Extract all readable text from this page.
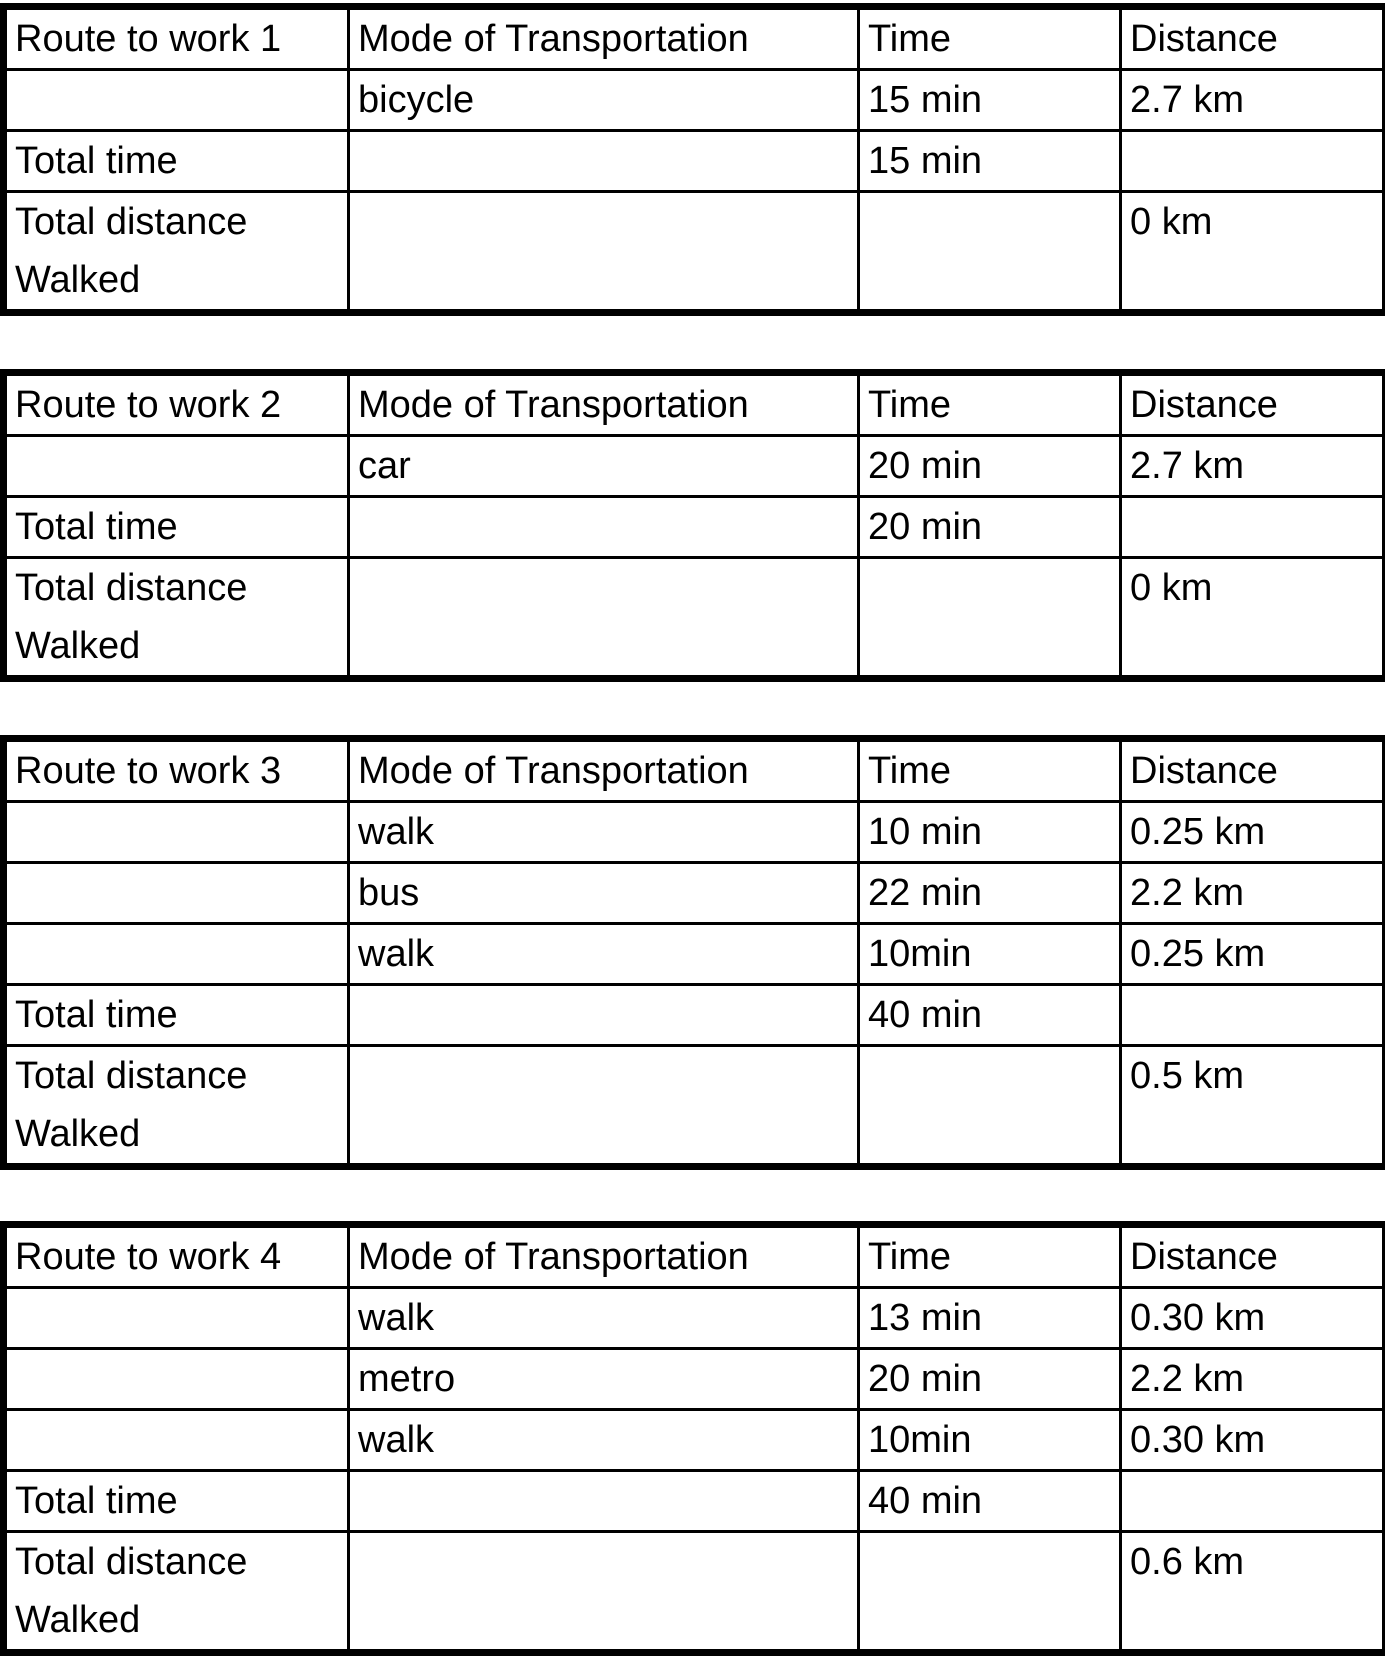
Route to work 1	Mode of Transportation	Time	Distance
	bicycle	15 min	2.7 km
Total time		15 min	
Total distance Walked			0 km
Route to work 2	Mode of Transportation	Time	Distance
	car	20 min	2.7 km
Total time		20 min	
Total distance Walked			0 km
Route to work 3	Mode of Transportation	Time	Distance
	walk	10 min	0.25 km
	bus	22 min	2.2 km
	walk	10min	0.25 km
Total time		40 min	
Total distance Walked			0.5 km
Route to work 4	Mode of Transportation	Time	Distance
	walk	13 min	0.30 km
	metro	20 min	2.2 km
	walk	10min	0.30 km
Total time		40 min	
Total distance Walked			0.6 km
